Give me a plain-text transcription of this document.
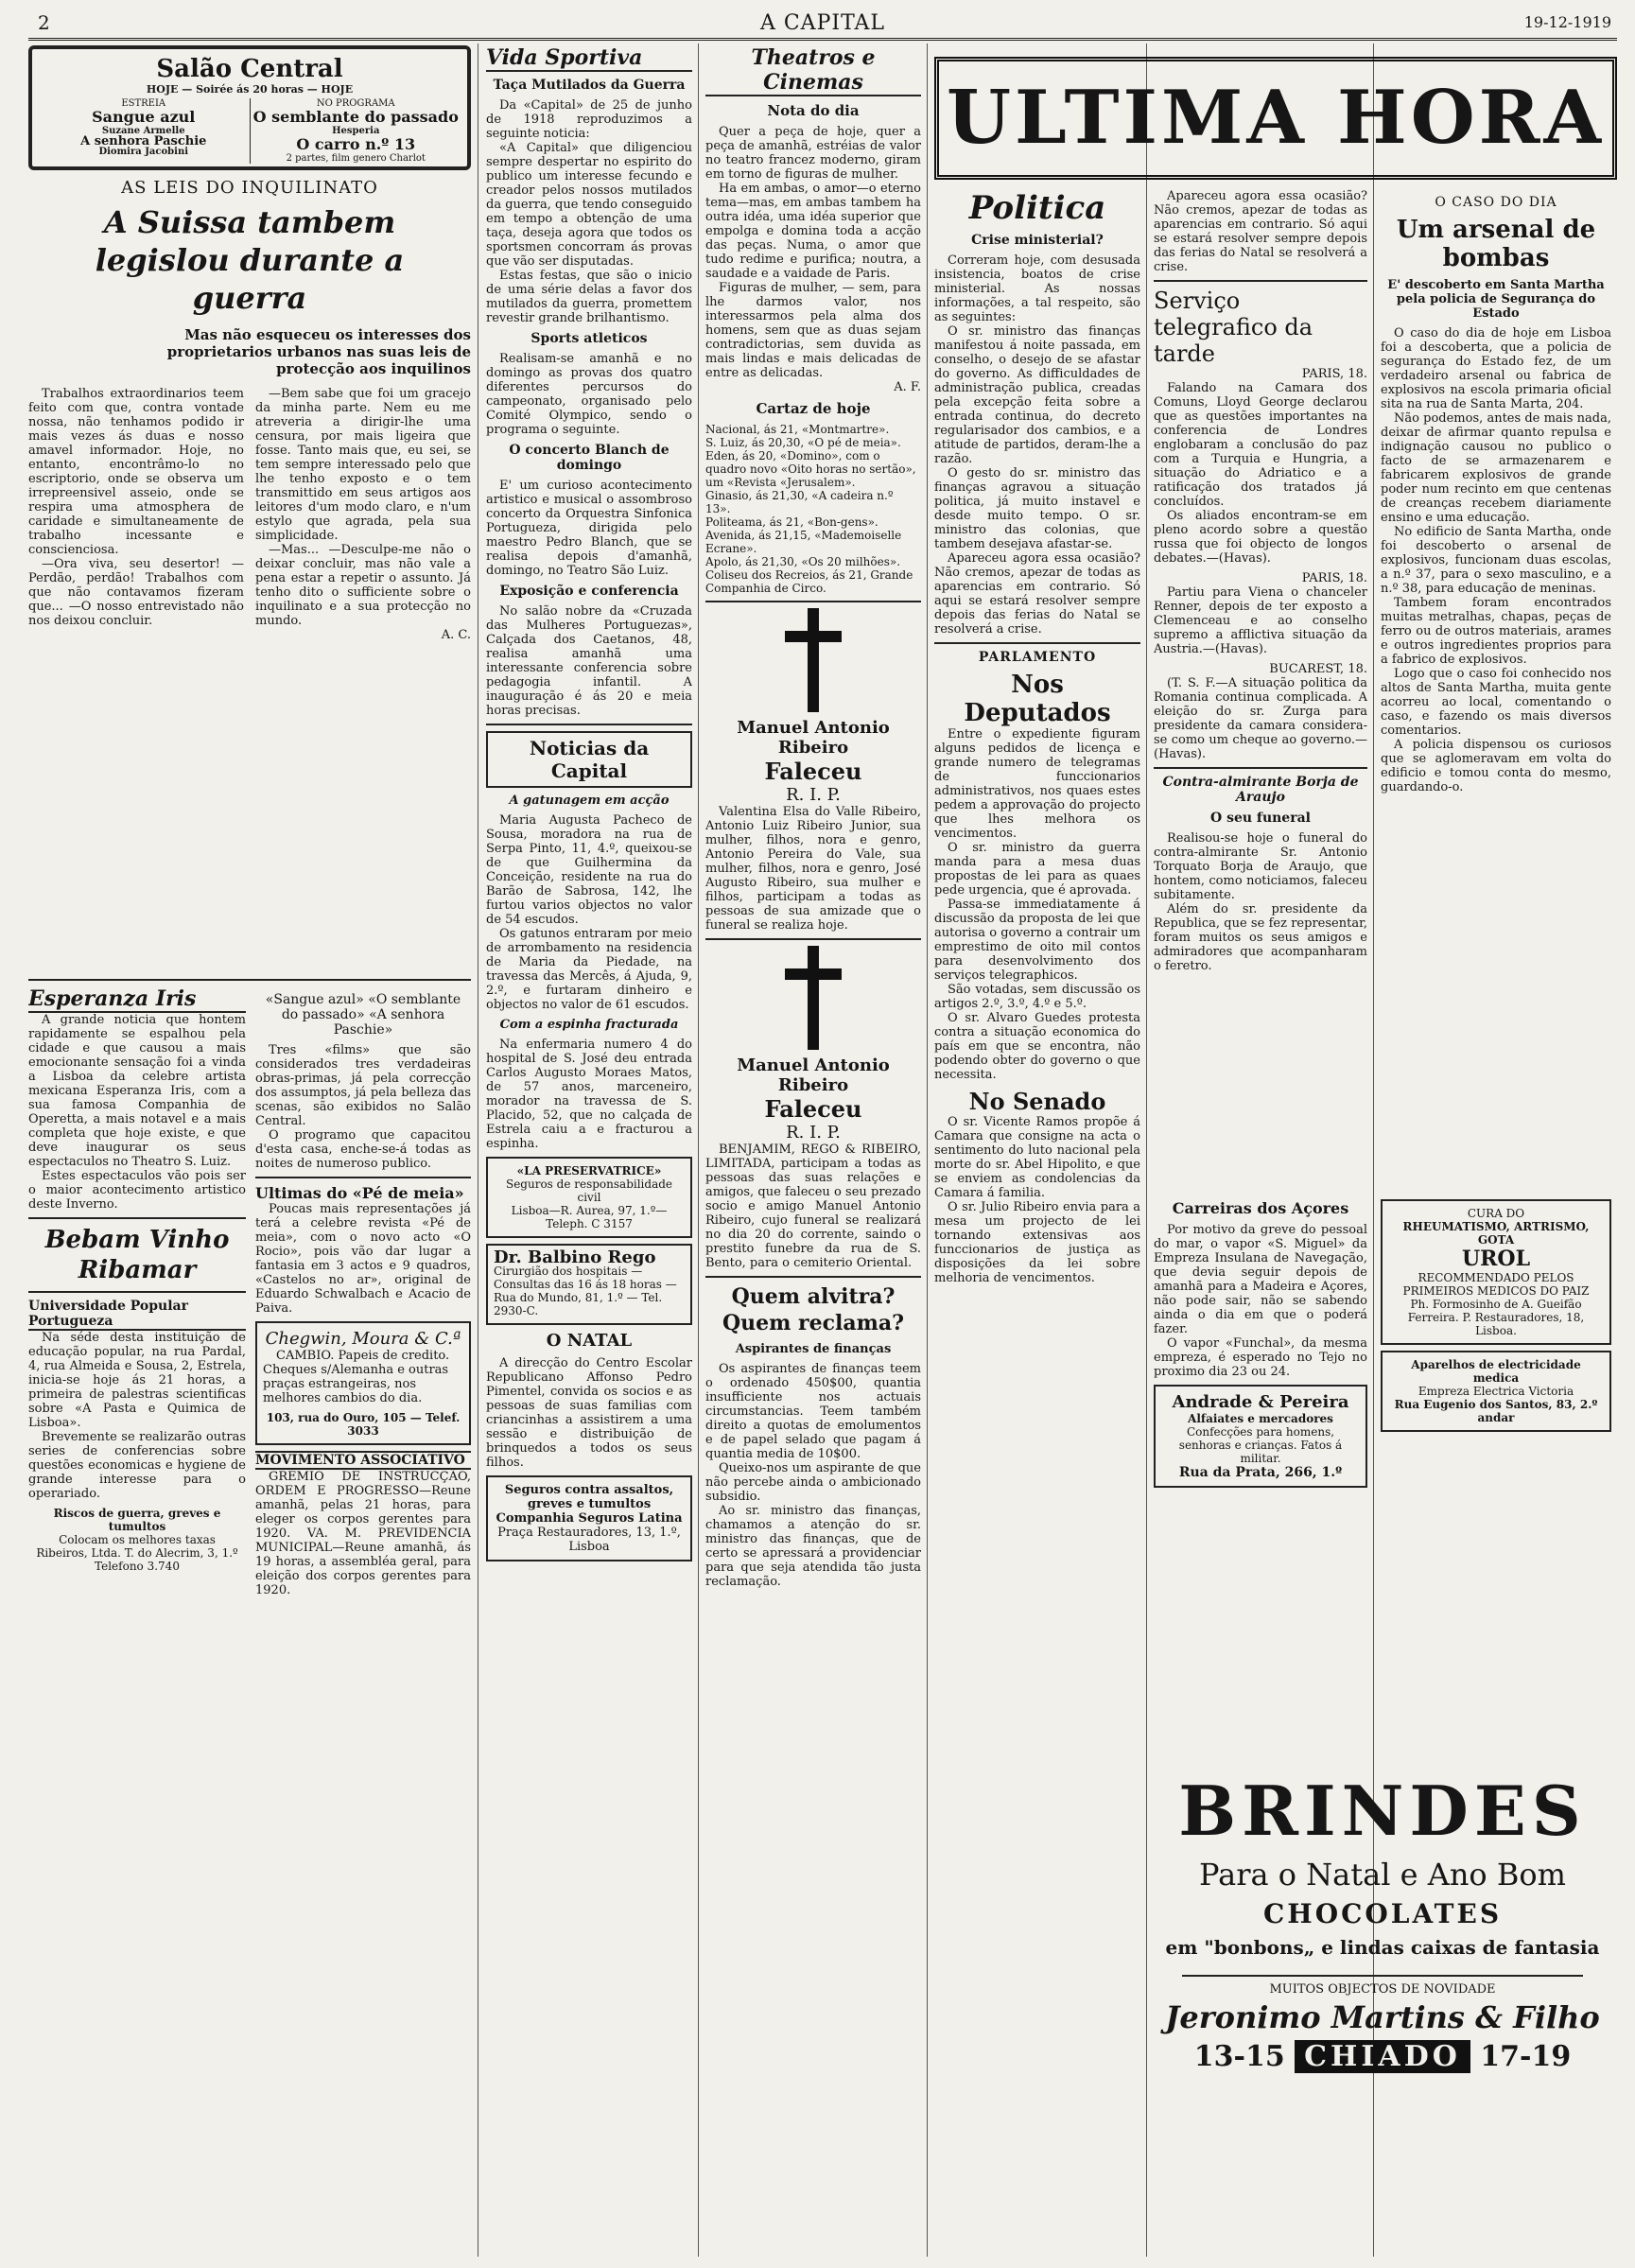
2	A CAPITAL	19-12-1919
Salão Central
HOJE — Soirée ás 20 horas — HOJE
ESTREIA
Sangue azul
Suzane Armelle
A senhora Paschie
Diomira Jacobini
NO PROGRAMA
O semblante do passado
Hesperia
O carro n.º 13
2 partes, film genero Charlot
AS LEIS DO INQUILINATO
A Suissa tambem legislou durante a guerra
Mas não esqueceu os interesses dos proprietarios urbanos nas suas leis de protecção aos inquilinos
Trabalhos extraordinarios teem feito com que, contra vontade nossa, não tenhamos podido ir mais vezes ás duas e nosso amavel informador. Hoje, no entanto, encontrâmo-lo no escriptorio, onde se observa um irrepreensivel asseio, onde se respira uma atmosphera de caridade e simultaneamente de trabalho incessante e conscienciosa.
—Ora viva, seu desertor! —Perdão, perdão! Trabalhos com que não contavamos fizeram que... —O nosso entrevistado não nos deixou concluir.
—Bem sabe que foi um gracejo da minha parte. Nem eu me atreveria a dirigir-lhe uma censura, por mais ligeira que fosse. Tanto mais que, eu sei, se tem sempre interessado pelo que lhe tenho exposto e o tem transmittido em seus artigos aos leitores d'um modo claro, e n'um estylo que agrada, pela sua simplicidade.
—Mas... —Desculpe-me não o deixar concluir, mas não vale a pena estar a repetir o assunto. Já tenho dito o sufficiente sobre o inquilinato e a sua protecção no mundo.
A. C.
Esperanza Iris
A grande noticia que hontem rapidamente se espalhou pela cidade e que causou a mais emocionante sensação foi a vinda a Lisboa da celebre artista mexicana Esperanza Iris, com a sua famosa Companhia de Operetta, a mais notavel e a mais completa que hoje existe, e que deve inaugurar os seus espectaculos no Theatro S. Luiz.
Estes espectaculos vão pois ser o maior acontecimento artistico deste Inverno.
Bebam Vinho
Ribamar
Universidade Popular Portugueza
Na séde desta instituição de educação popular, na rua Pardal, 4, rua Almeida e Sousa, 2, Estrela, inicia-se hoje ás 21 horas, a primeira de palestras scientificas sobre «A Pasta e Quimica de Lisboa».
Brevemente se realizarão outras series de conferencias sobre questões economicas e hygiene de grande interesse para o operariado.
Riscos de guerra, greves e tumultos
Colocam os melhores taxas
Ribeiros, Ltda. T. do Alecrim, 3, 1.º
Telefono 3.740
«Sangue azul» «O semblante do passado» «A senhora Paschie»
Tres «films» que são considerados tres verdadeiras obras-primas, já pela correcção dos assumptos, já pela belleza das scenas, são exibidos no Salão Central.
O programo que capacitou d'esta casa, enche-se-á todas as noites de numeroso publico.
Ultimas do «Pé de meia»
Poucas mais representações já terá a celebre revista «Pé de meia», com o novo acto «O Rocio», pois vão dar lugar a fantasia em 3 actos e 9 quadros, «Castelos no ar», original de Eduardo Schwalbach e Acacio de Paiva.
Chegwin, Moura & C.ª
CAMBIO. Papeis de credito. Cheques s/Alemanha e outras praças estrangeiras, nos melhores cambios do dia.
103, rua do Ouro, 105 — Telef. 3033
MOVIMENTO ASSOCIATIVO
GREMIO DE INSTRUCÇÃO, ORDEM E PROGRESSO—Reune amanhã, pelas 21 horas, para eleger os corpos gerentes para 1920. VA. M. PREVIDENCIA MUNICIPAL—Reune amanhã, ás 19 horas, a assembléa geral, para eleição dos corpos gerentes para 1920.
Vida Sportiva
Taça Mutilados da Guerra
Da «Capital» de 25 de junho de 1918 reproduzimos a seguinte noticia:
«A Capital» que diligenciou sempre despertar no espirito do publico um interesse fecundo e creador pelos nossos mutilados da guerra, que tendo conseguido em tempo a obtenção de uma taça, deseja agora que todos os sportsmen concorram ás provas que vão ser disputadas.
Estas festas, que são o inicio de uma série delas a favor dos mutilados da guerra, promettem revestir grande brilhantismo.
Sports atleticos
Realisam-se amanhã e no domingo as provas dos quatro diferentes percursos do campeonato, organisado pelo Comité Olympico, sendo o programa o seguinte.
O concerto Blanch de domingo
E' um curioso acontecimento artistico e musical o assombroso concerto da Orquestra Sinfonica Portugueza, dirigida pelo maestro Pedro Blanch, que se realisa depois d'amanhã, domingo, no Teatro São Luiz.
Exposição e conferencia
No salão nobre da «Cruzada das Mulheres Portuguezas», Calçada dos Caetanos, 48, realisa amanhã uma interessante conferencia sobre pedagogia infantil. A inauguração é ás 20 e meia horas precisas.
Noticias da Capital
A gatunagem em acção
Maria Augusta Pacheco de Sousa, moradora na rua de Serpa Pinto, 11, 4.º, queixou-se de que Guilhermina da Conceição, residente na rua do Barão de Sabrosa, 142, lhe furtou varios objectos no valor de 54 escudos.
Os gatunos entraram por meio de arrombamento na residencia de Maria da Piedade, na travessa das Mercês, á Ajuda, 9, 2.º, e furtaram dinheiro e objectos no valor de 61 escudos.
Com a espinha fracturada
Na enfermaria numero 4 do hospital de S. José deu entrada Carlos Augusto Moraes Matos, de 57 anos, marceneiro, morador na travessa de S. Placido, 52, que no calçada de Estrela caiu a e fracturou a espinha.
«LA PRESERVATRICE»
Seguros de responsabilidade civil
Lisboa—R. Aurea, 97, 1.º—Teleph. C 3157
Dr. Balbino Rego
Cirurgião dos hospitais — Consultas das 16 ás 18 horas — Rua do Mundo, 81, 1.º — Tel. 2930-C.
O NATAL
A direcção do Centro Escolar Republicano Affonso Pedro Pimentel, convida os socios e as pessoas de suas familias com criancinhas a assistirem a uma sessão e distribuição de brinquedos a todos os seus filhos.
Seguros contra assaltos, greves e tumultos
Companhia Seguros Latina
Praça Restauradores, 13, 1.º, Lisboa
Theatros e Cinemas
Nota do dia
Quer a peça de hoje, quer a peça de amanhã, estréias de valor no teatro francez moderno, giram em torno de figuras de mulher.
Ha em ambas, o amor—o eterno tema—mas, em ambas tambem ha outra idéa, uma idéa superior que empolga e domina toda a acção das peças. Numa, o amor que tudo redime e purifica; noutra, a saudade e a vaidade de Paris.
Figuras de mulher, — sem, para lhe darmos valor, nos interessarmos pela alma dos homens, sem que as duas sejam contradictorias, sem duvida as mais lindas e mais delicadas de entre as delicadas.
A. F.
Cartaz de hoje
Nacional, ás 21, «Montmartre».
S. Luiz, ás 20,30, «O pé de meia».
Eden, ás 20, «Domino», com o quadro novo «Oito horas no sertão», um «Revista «Jerusalem».
Ginasio, ás 21,30, «A cadeira n.º 13».
Politeama, ás 21, «Bon-gens».
Avenida, ás 21,15, «Mademoiselle Ecrane».
Apolo, ás 21,30, «Os 20 milhões».
Coliseu dos Recreios, ás 21, Grande Companhia de Circo.
Manuel Antonio Ribeiro
Faleceu
R. I. P.
Valentina Elsa do Valle Ribeiro, Antonio Luiz Ribeiro Junior, sua mulher, filhos, nora e genro, Antonio Pereira do Vale, sua mulher, filhos, nora e genro, José Augusto Ribeiro, sua mulher e filhos, participam a todas as pessoas de sua amizade que o funeral se realiza hoje.
Manuel Antonio Ribeiro
Faleceu
R. I. P.
BENJAMIM, REGO & RIBEIRO, LIMITADA, participam a todas as pessoas das suas relações e amigos, que faleceu o seu prezado socio e amigo Manuel Antonio Ribeiro, cujo funeral se realizará no dia 20 do corrente, saindo o prestito funebre da rua de S. Bento, para o cemiterio Oriental.
Quem alvitra?
Quem reclama?
Aspirantes de finanças
Os aspirantes de finanças teem o ordenado 450$00, quantia insufficiente nos actuais circumstancias. Teem também direito a quotas de emolumentos e de papel selado que pagam á quantia media de 10$00.
Queixo-nos um aspirante de que não percebe ainda o ambicionado subsidio.
Ao sr. ministro das finanças, chamamos a atenção do sr. ministro das finanças, que de certo se apressará a providenciar para que seja atendida tão justa reclamação.
ULTIMA HORA
Politica
Crise ministerial?
Correram hoje, com desusada insistencia, boatos de crise ministerial. As nossas informações, a tal respeito, são as seguintes:
O sr. ministro das finanças manifestou á noite passada, em conselho, o desejo de se afastar do governo. As difficuldades de administração publica, creadas pela excepção feita sobre a entrada continua, do decreto regularisador dos cambios, e a atitude de partidos, deram-lhe a razão.
O gesto do sr. ministro das finanças agravou a situação politica, já muito instavel e desde muito tempo. O sr. ministro das colonias, que tambem desejava afastar-se.
Apareceu agora essa ocasião? Não cremos, apezar de todas as aparencias em contrario. Só aqui se estará resolver sempre depois das ferias do Natal se resolverá a crise.
PARLAMENTO
Nos Deputados
Entre o expediente figuram alguns pedidos de licença e grande numero de telegramas de funccionarios administrativos, nos quaes estes pedem a approvação do projecto que lhes melhora os vencimentos.
O sr. ministro da guerra manda para a mesa duas propostas de lei para as quaes pede urgencia, que é aprovada.
Passa-se immediatamente á discussão da proposta de lei que autorisa o governo a contrair um emprestimo de oito mil contos para desenvolvimento dos serviços telegraphicos.
São votadas, sem discussão os artigos 2.º, 3.º, 4.º e 5.º.
O sr. Alvaro Guedes protesta contra a situação economica do país em que se encontra, não podendo obter do governo o que necessita.
No Senado
O sr. Vicente Ramos propõe á Camara que consigne na acta o sentimento do luto nacional pela morte do sr. Abel Hipolito, e que se enviem as condolencias da Camara á familia.
O sr. Julio Ribeiro envia para a mesa um projecto de lei tornando extensivas aos funccionarios de justiça as disposições da lei sobre melhoria de vencimentos.
Apareceu agora essa ocasião? Não cremos, apezar de todas as aparencias em contrario. Só aqui se estará resolver sempre depois das ferias do Natal se resolverá a crise.
Serviço telegrafico da tarde
PARIS, 18.
Falando na Camara dos Comuns, Lloyd George declarou que as questões importantes na conferencia de Londres englobaram a conclusão do paz com a Turquia e Hungria, a situação do Adriatico e a ratificação dos tratados já concluídos.
Os aliados encontram-se em pleno acordo sobre a questão russa que foi objecto de longos debates.—(Havas).
PARIS, 18.
Partiu para Viena o chanceler Renner, depois de ter exposto a Clemenceau e ao conselho supremo a afflictiva situação da Austria.—(Havas).
BUCAREST, 18.
(T. S. F.—A situação politica da Romania continua complicada. A eleição do sr. Zurga para presidente da camara considera-se como um cheque ao governo.—(Havas).
Contra-almirante Borja de Araujo
O seu funeral
Realisou-se hoje o funeral do contra-almirante Sr. Antonio Torquato Borja de Araujo, que hontem, como noticiamos, faleceu subitamente.
Além do sr. presidente da Republica, que se fez representar, foram muitos os seus amigos e admiradores que acompanharam o feretro.
O CASO DO DIA
Um arsenal de bombas
E' descoberto em Santa Martha pela policia de Segurança do Estado
O caso do dia de hoje em Lisboa foi a descoberta, que a policia de segurança do Estado fez, de um verdadeiro arsenal ou fabrica de explosivos na escola primaria oficial sita na rua de Santa Marta, 204.
Não podemos, antes de mais nada, deixar de afirmar quanto repulsa e indignação causou no publico o facto de se armazenarem e fabricarem explosivos de grande poder num recinto em que centenas de creanças recebem diariamente ensino e uma educação.
No edificio de Santa Martha, onde foi descoberto o arsenal de explosivos, funcionam duas escolas, a n.º 37, para o sexo masculino, e a n.º 38, para educação de meninas.
Tambem foram encontrados muitas metralhas, chapas, peças de ferro ou de outros materiais, arames e outros ingredientes proprios para a fabrico de explosivos.
Logo que o caso foi conhecido nos altos de Santa Martha, muita gente acorreu ao local, comentando o caso, e fazendo os mais diversos comentarios.
A policia dispensou os curiosos que se aglomeravam em volta do edificio e tomou conta do mesmo, guardando-o.
Carreiras dos Açores
Por motivo da greve do pessoal do mar, o vapor «S. Miguel» da Empreza Insulana de Navegação, que devia seguir depois de amanhã para a Madeira e Açores, não pode sair, não se sabendo ainda o dia em que o poderá fazer.
O vapor «Funchal», da mesma empreza, é esperado no Tejo no proximo dia 23 ou 24.
Andrade & Pereira
Alfaiates e mercadores
Confecções para homens, senhoras e crianças. Fatos á militar.
Rua da Prata, 266, 1.º
CURA DO
RHEUMATISMO, ARTRISMO, GOTA
UROL
RECOMMENDADO PELOS PRIMEIROS MEDICOS DO PAIZ
Ph. Formosinho de A. Gueifão
Ferreira. P. Restauradores, 18, Lisboa.
Aparelhos de electricidade medica
Empreza Electrica Victoria
Rua Eugenio dos Santos, 83, 2.º andar
BRINDES
Para o Natal e Ano Bom
CHOCOLATES
em "bonbons„ e lindas caixas de fantasia
MUITOS OBJECTOS DE NOVIDADE
Jeronimo Martins & Filho
13-15 CHIADO 17-19
